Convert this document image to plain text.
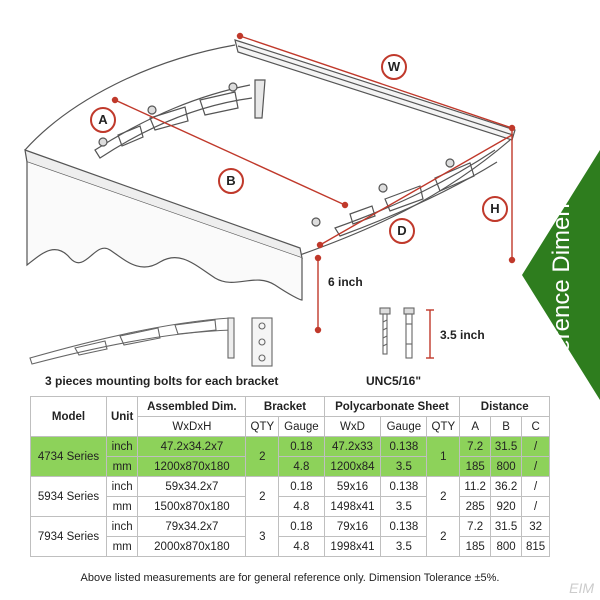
Reference Dimensions
W
A
B
D
H
6 inch
3.5 inch
3 pieces mounting bolts for each bracket	UNC5/16"
Model	Unit	Assembled Dim.	Bracket		Polycarbonate Sheet			Distance		
		WxDxH	QTY	Gauge	WxD	Gauge	QTY	A	B	C
4734 Series	inch	47.2x34.2x7	2	0.18	47.2x33	0.138	1	7.2	31.5	/
	mm	1200x870x180		4.8	1200x84	3.5		185	800	/
5934 Series	inch	59x34.2x7	2	0.18	59x16	0.138	2	11.2	36.2	/
	mm	1500x870x180		4.8	1498x41	3.5		285	920	/
7934 Series	inch	79x34.2x7	3	0.18	79x16	0.138	2	7.2	31.5	32
	mm	2000x870x180		4.8	1998x41	3.5		185	800	815
Above listed measurements are for general reference only. Dimension Tolerance ±5%.
EIM
